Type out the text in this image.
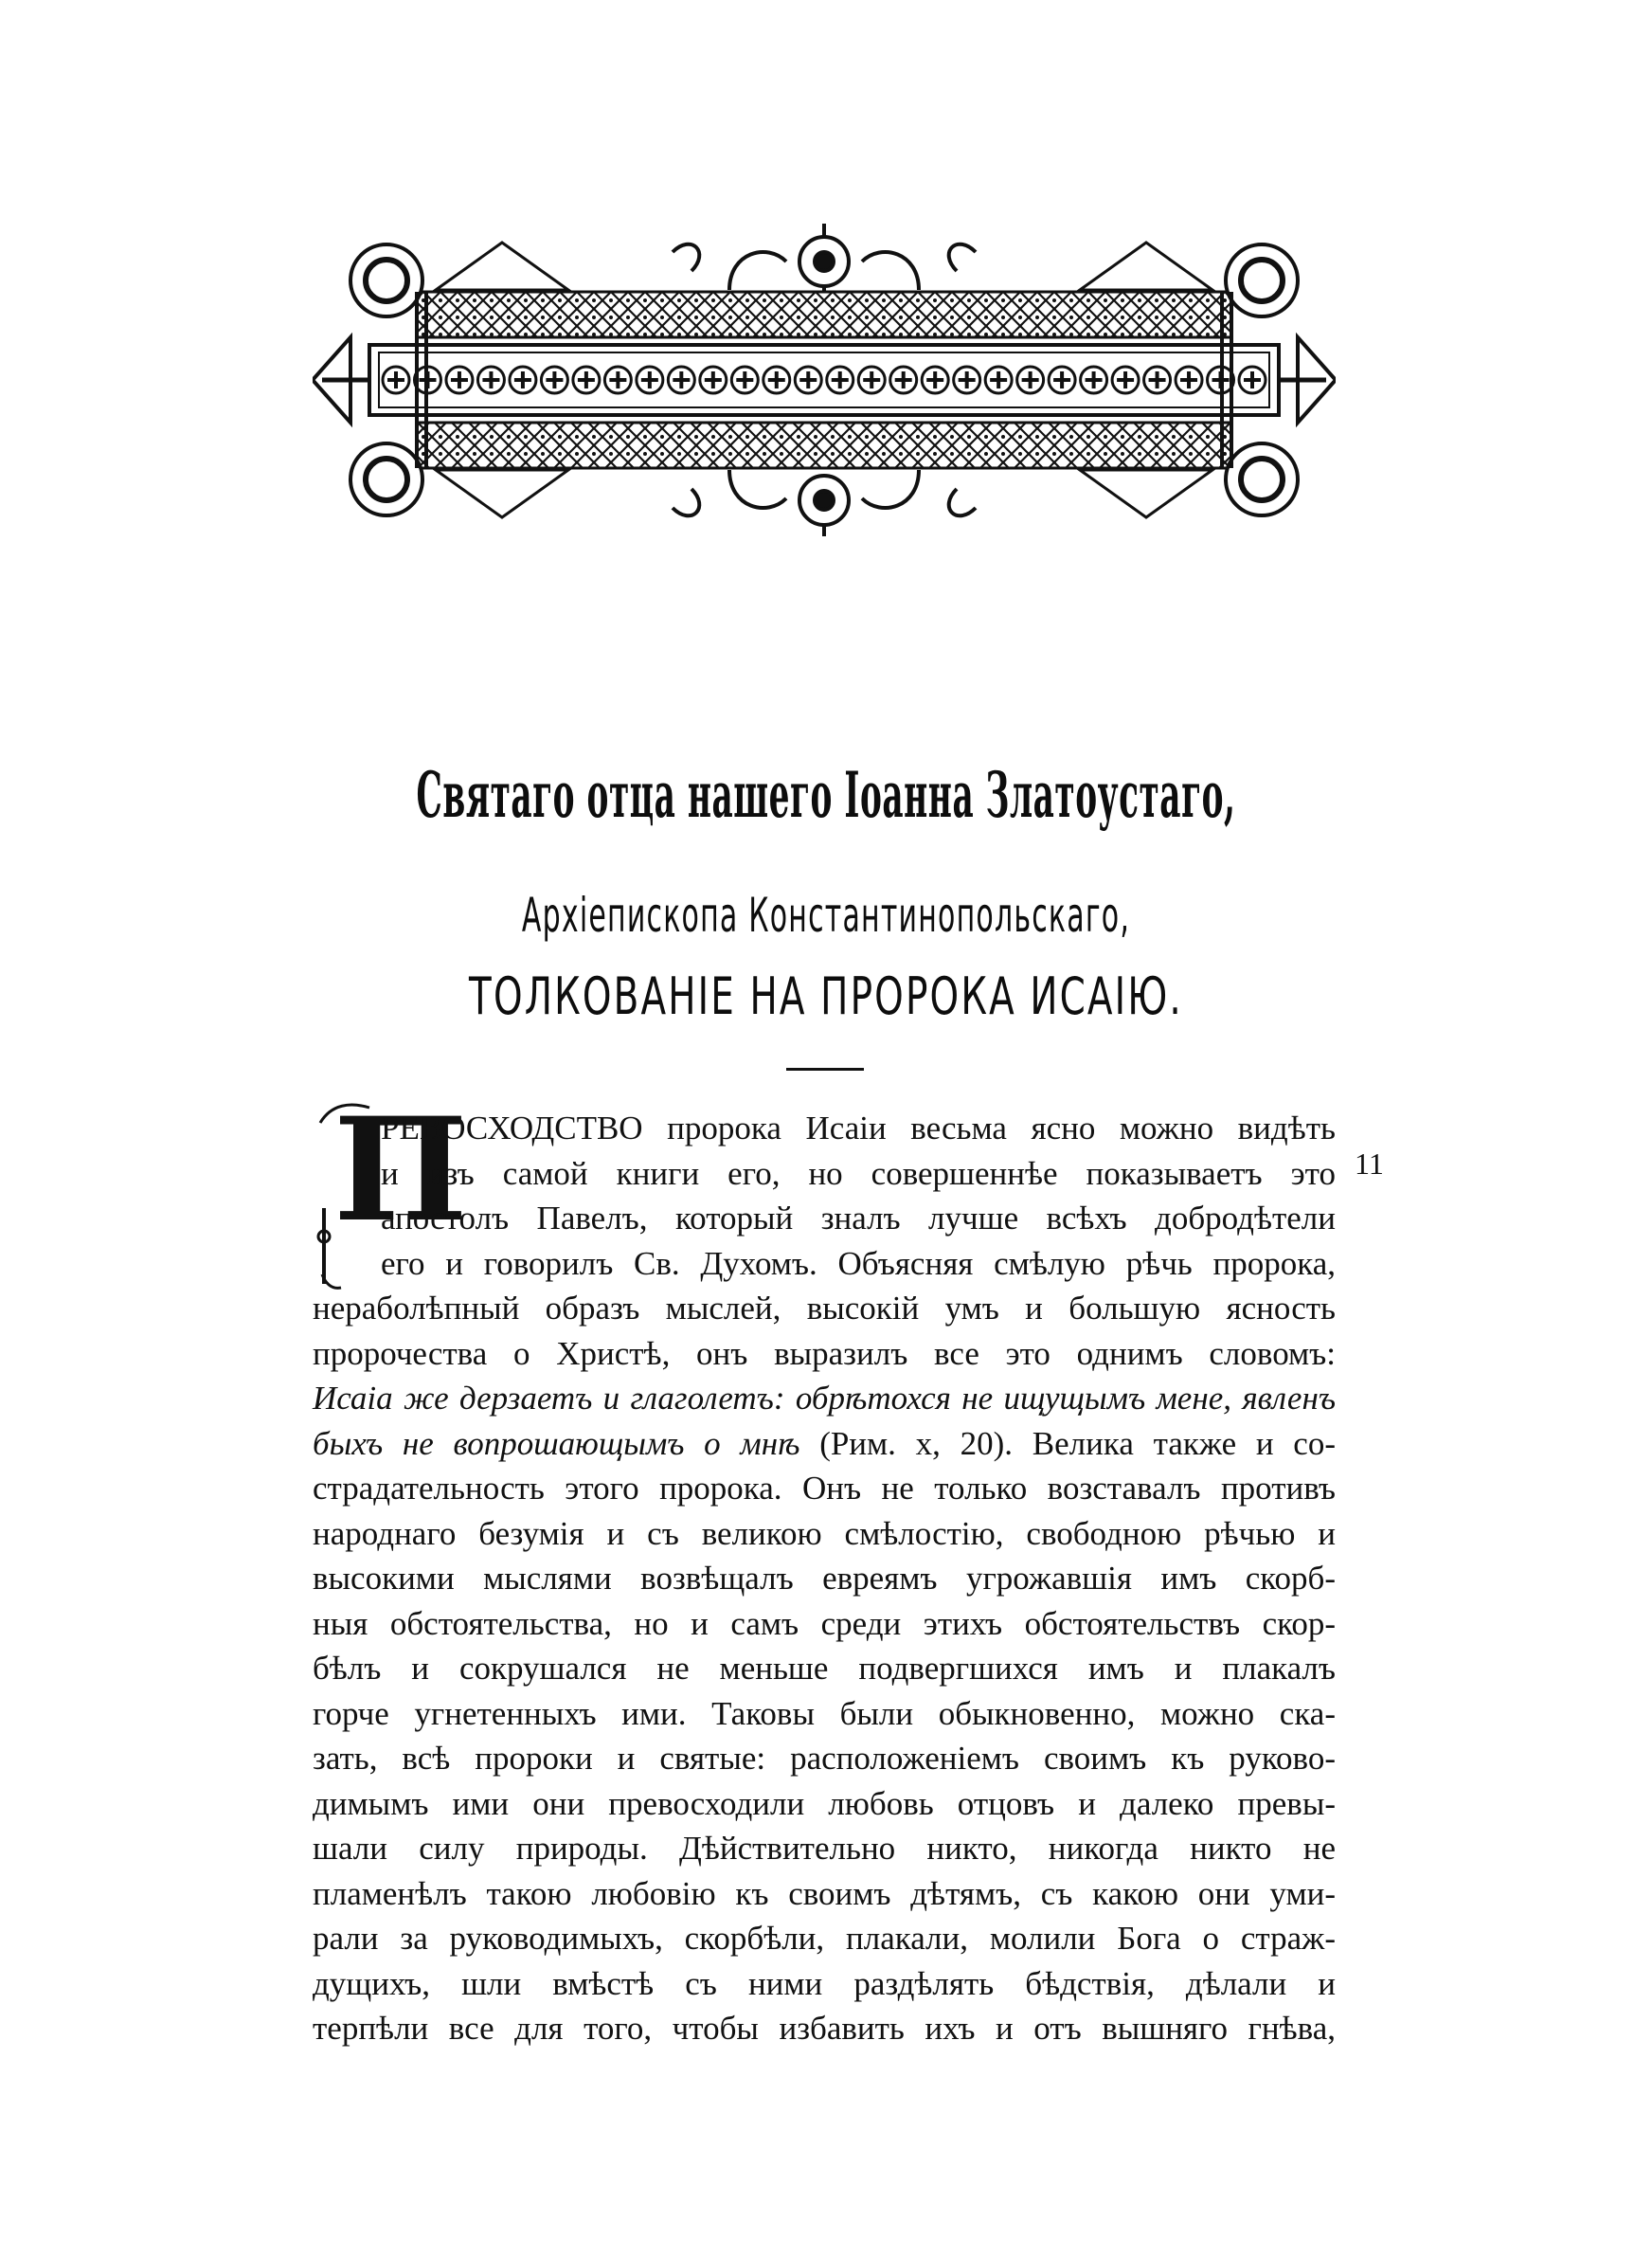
Святаго отца нашего Іоанна Златоустаго,
Архіепископа Константинопольскаго,
ТОЛКОВАНІЕ НА ПРОРОКА ИСАІЮ.
П	11
РЕВОСХОДСТВО пророка Исаіи весьма ясно можно видѣть
и изъ самой книги его, но совершеннѣе показываетъ это
апостолъ Павелъ, который зналъ лучше всѣхъ добродѣтели
его и говорилъ Св. Духомъ. Объясняя смѣлую рѣчь пророка,
нераболѣпный образъ мыслей, высокій умъ и большую ясность
пророчества о Христѣ, онъ выразилъ все это однимъ словомъ:
Исаіа же дерзаетъ и глаголетъ: обрѣтохся не ищущымъ мене, явленъ
быхъ не вопрошающымъ о мнѣ (Рим. x, 20). Велика также и со-
страдательность этого пророка. Онъ не только возставалъ противъ
народнаго безумія и съ великою смѣлостію, свободною рѣчью и
высокими мыслями возвѣщалъ евреямъ угрожавшія имъ скорб-
ныя обстоятельства, но и самъ среди этихъ обстоятельствъ скор-
бѣлъ и сокрушался не меньше подвергшихся имъ и плакалъ
горче угнетенныхъ ими. Таковы были обыкновенно, можно ска-
зать, всѣ пророки и святые: расположеніемъ своимъ къ руково-
димымъ ими они превосходили любовь отцовъ и далеко превы-
шали силу природы. Дѣйствительно никто, никогда никто не
пламенѣлъ такою любовію къ своимъ дѣтямъ, съ какою они уми-
рали за руководимыхъ, скорбѣли, плакали, молили Бога о страж-
дущихъ, шли вмѣстѣ съ ними раздѣлять бѣдствія, дѣлали и
терпѣли все для того, чтобы избавить ихъ и отъ вышняго гнѣва,
